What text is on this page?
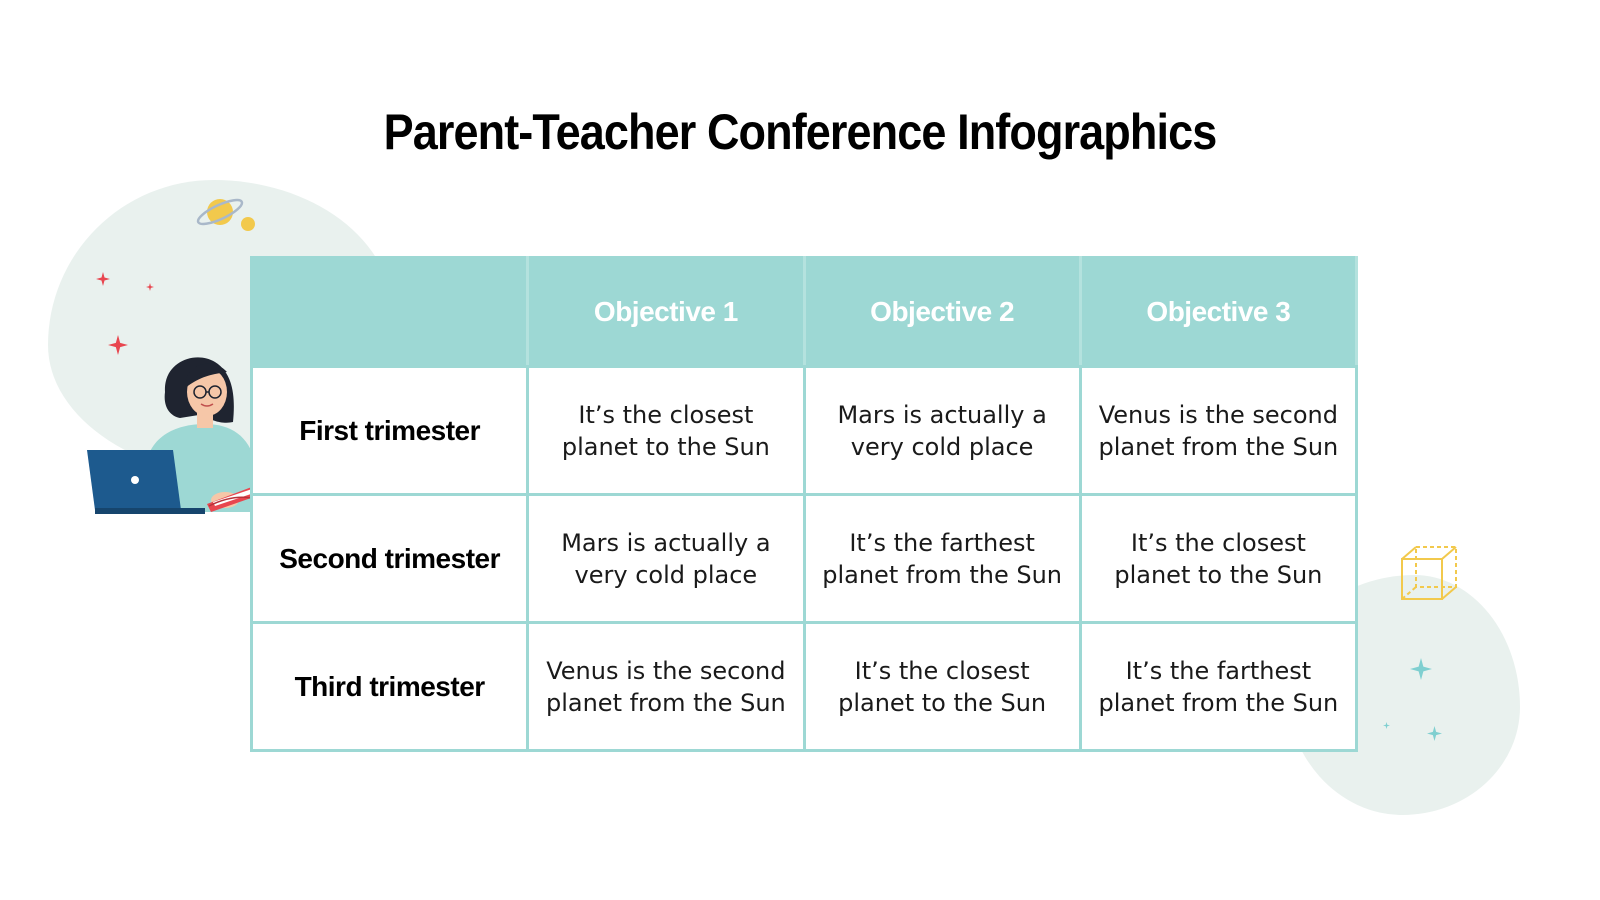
Parent-Teacher Conference Infographics
	Objective 1	Objective 2	Objective 3
First trimester	It’s the closest planet to the Sun	Mars is actually a very cold place	Venus is the second planet from the Sun
Second trimester	Mars is actually a very cold place	It’s the farthest planet from the Sun	It’s the closest planet to the Sun
Third trimester	Venus is the second planet from the Sun	It’s the closest planet to the Sun	It’s the farthest planet from the Sun
